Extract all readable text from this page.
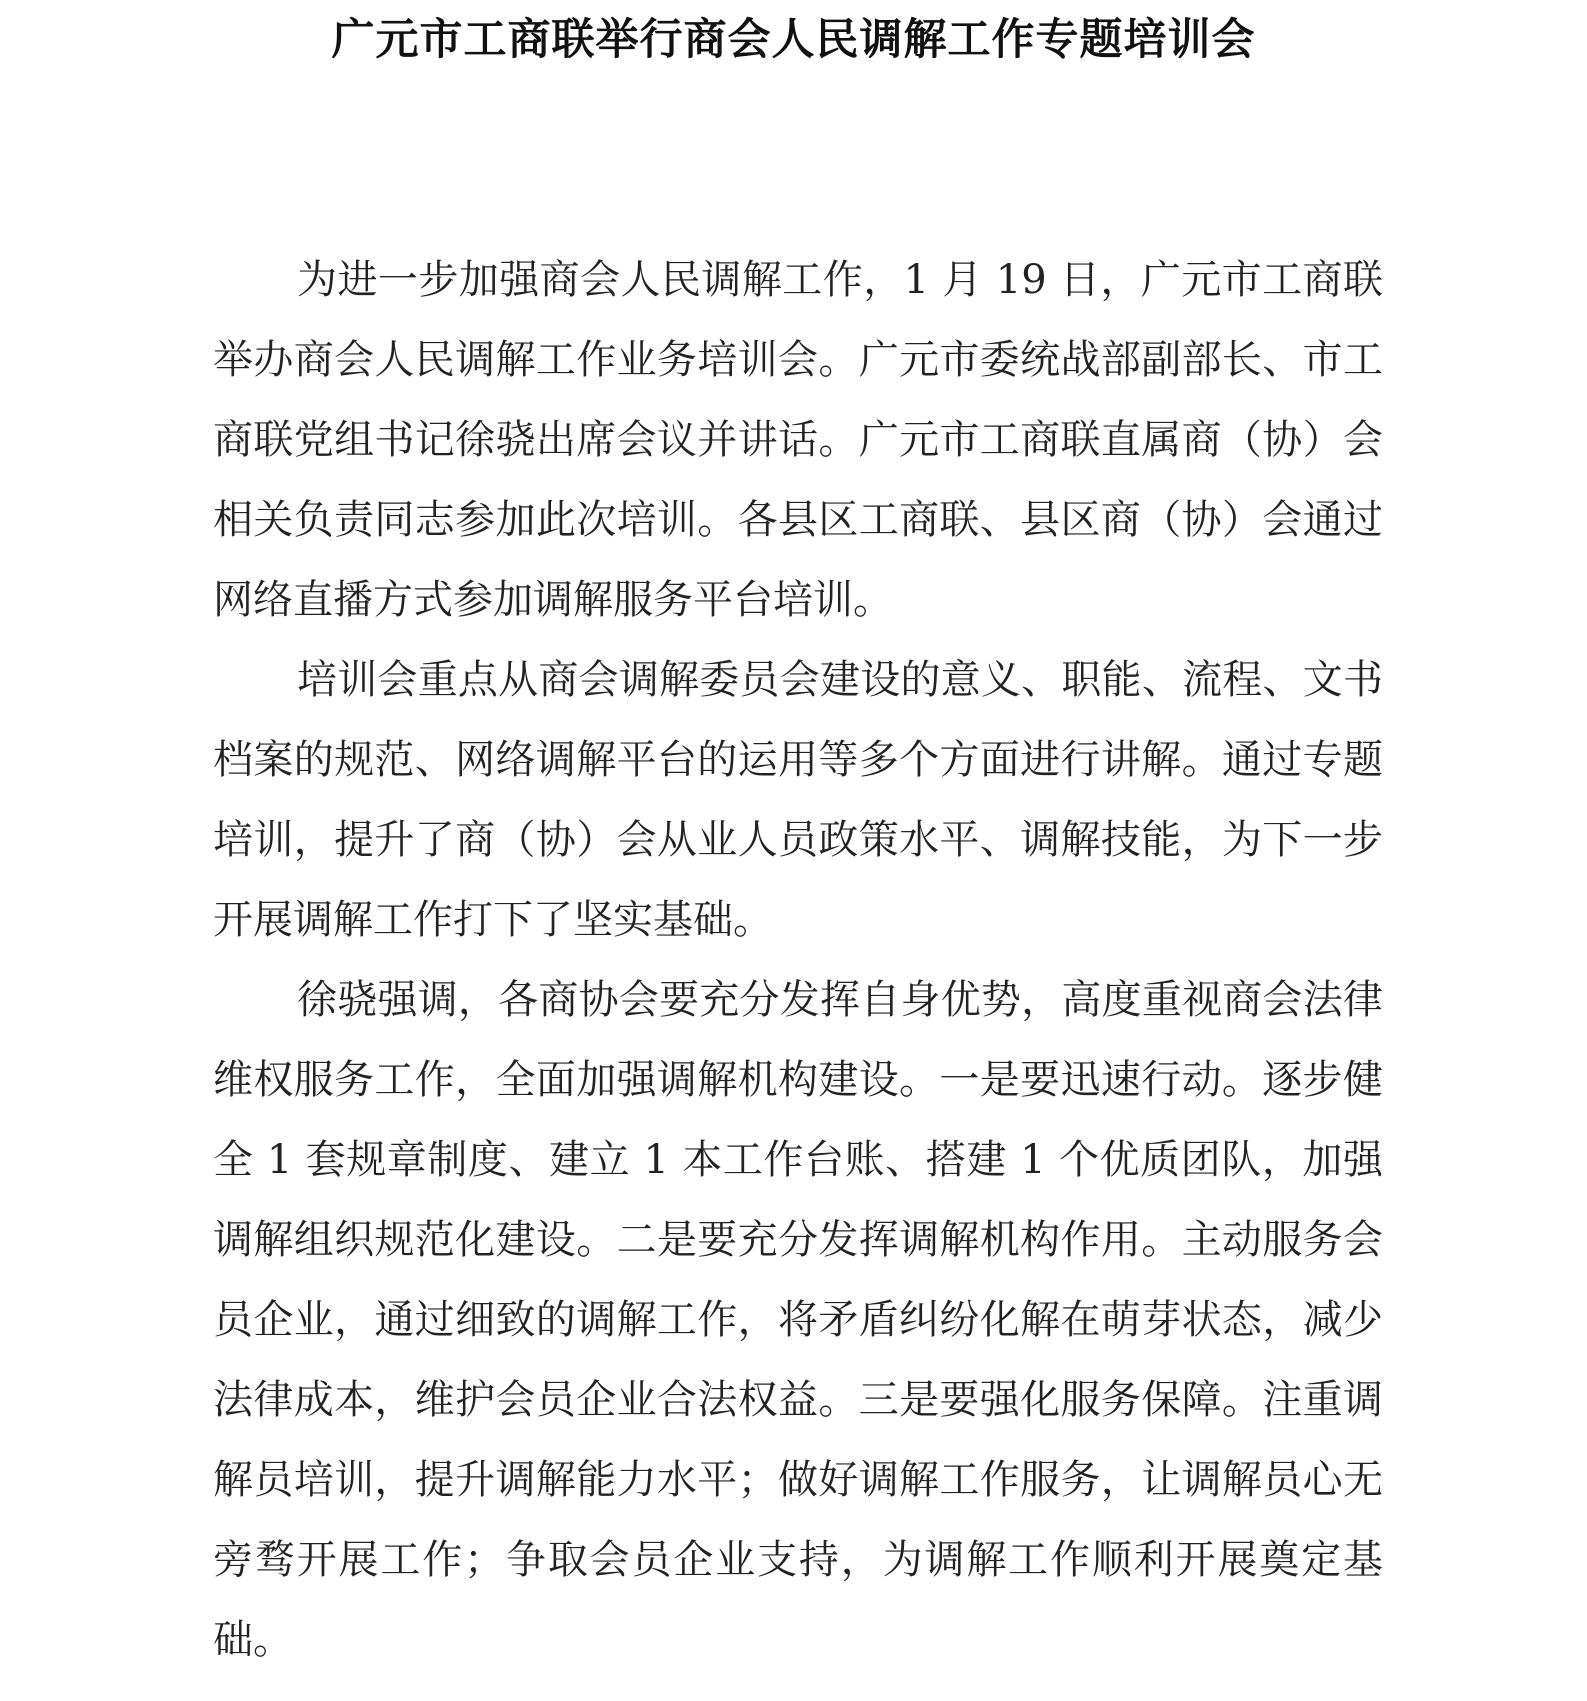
广元市工商联举行商会人民调解工作专题培训会

为进一步加强商会人民调解工作，1 月 19 日，广元市工商联举办商会人民调解工作业务培训会。广元市委统战部副部长、市工商联党组书记徐骁出席会议并讲话。广元市工商联直属商（协）会相关负责同志参加此次培训。各县区工商联、县区商（协）会通过网络直播方式参加调解服务平台培训。

培训会重点从商会调解委员会建设的意义、职能、流程、文书档案的规范、网络调解平台的运用等多个方面进行讲解。通过专题培训，提升了商（协）会从业人员政策水平、调解技能，为下一步开展调解工作打下了坚实基础。

徐骁强调，各商协会要充分发挥自身优势，高度重视商会法律维权服务工作，全面加强调解机构建设。一是要迅速行动。逐步健全 1 套规章制度、建立 1 本工作台账、搭建 1 个优质团队，加强调解组织规范化建设。二是要充分发挥调解机构作用。主动服务会员企业，通过细致的调解工作，将矛盾纠纷化解在萌芽状态，减少法律成本，维护会员企业合法权益。三是要强化服务保障。注重调解员培训，提升调解能力水平；做好调解工作服务，让调解员心无旁骛开展工作；争取会员企业支持，为调解工作顺利开展奠定基础。
